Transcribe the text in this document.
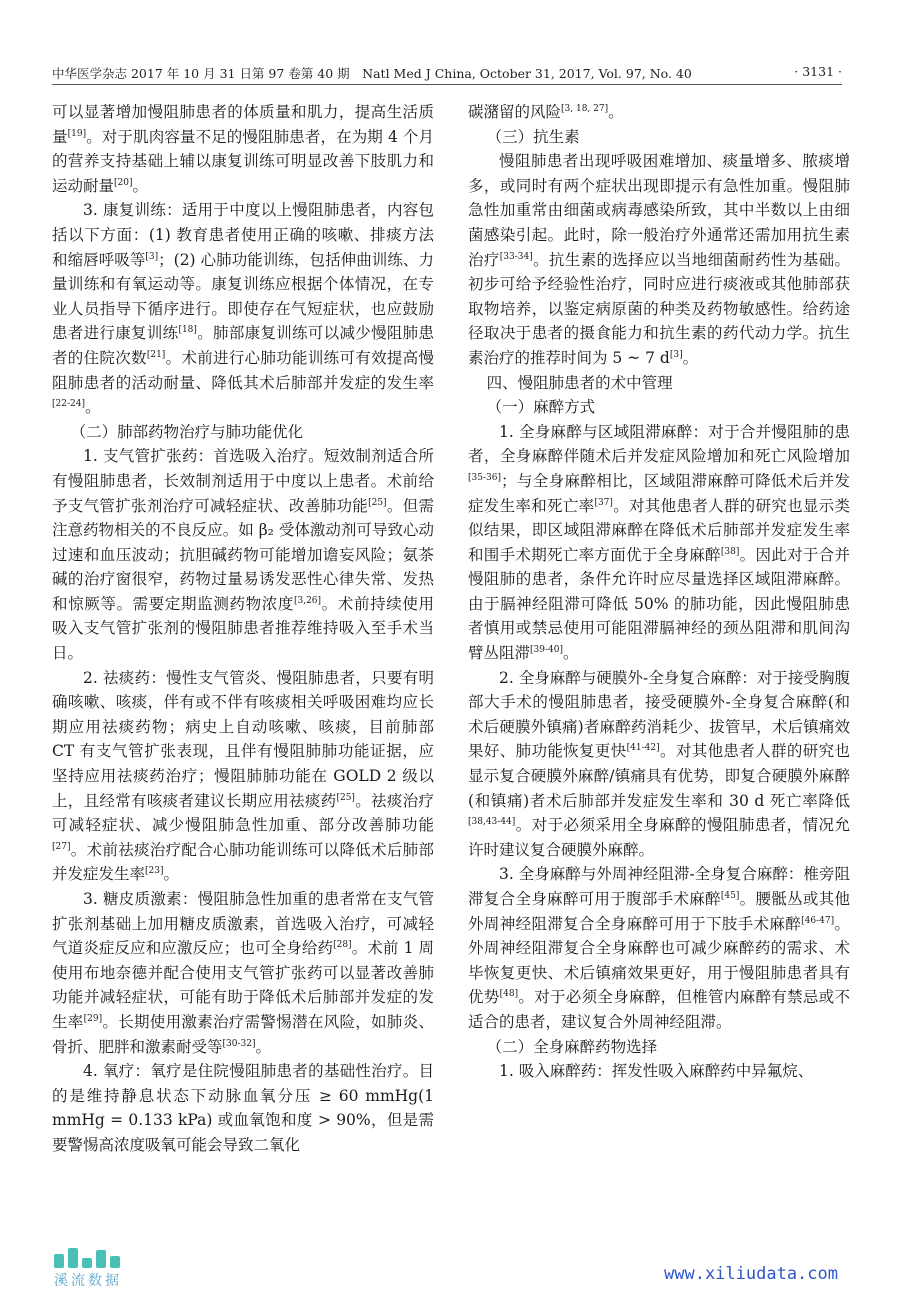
中华医学杂志 2017 年 10 月 31 日第 97 卷第 40 期　Natl Med J China, October 31, 2017, Vol. 97, No. 40	· 3131 ·

可以显著增加慢阻肺患者的体质量和肌力，提高生活质量[19]。对于肌肉容量不足的慢阻肺患者，在为期 4 个月的营养支持基础上辅以康复训练可明显改善下肢肌力和运动耐量[20]。

3. 康复训练：适用于中度以上慢阻肺患者，内容包括以下方面：(1) 教育患者使用正确的咳嗽、排痰方法和缩唇呼吸等[3]；(2) 心肺功能训练，包括伸曲训练、力量训练和有氧运动等。康复训练应根据个体情况，在专业人员指导下循序进行。即使存在气短症状，也应鼓励患者进行康复训练[18]。肺部康复训练可以减少慢阻肺患者的住院次数[21]。术前进行心肺功能训练可有效提高慢阻肺患者的活动耐量、降低其术后肺部并发症的发生率[22-24]。

（二）肺部药物治疗与肺功能优化

1. 支气管扩张药：首选吸入治疗。短效制剂适合所有慢阻肺患者，长效制剂适用于中度以上患者。术前给予支气管扩张剂治疗可减轻症状、改善肺功能[25]。但需注意药物相关的不良反应。如 β₂ 受体激动剂可导致心动过速和血压波动；抗胆碱药物可能增加谵妄风险；氨茶碱的治疗窗很窄，药物过量易诱发恶性心律失常、发热和惊厥等。需要定期监测药物浓度[3,26]。术前持续使用吸入支气管扩张剂的慢阻肺患者推荐维持吸入至手术当日。

2. 祛痰药：慢性支气管炎、慢阻肺患者，只要有明确咳嗽、咳痰，伴有或不伴有咳痰相关呼吸困难均应长期应用祛痰药物；病史上自动咳嗽、咳痰，目前肺部 CT 有支气管扩张表现，且伴有慢阻肺肺功能证据，应坚持应用祛痰药治疗；慢阻肺肺功能在 GOLD 2 级以上，且经常有咳痰者建议长期应用祛痰药[25]。祛痰治疗可减轻症状、减少慢阻肺急性加重、部分改善肺功能[27]。术前祛痰治疗配合心肺功能训练可以降低术后肺部并发症发生率[23]。

3. 糖皮质激素：慢阻肺急性加重的患者常在支气管扩张剂基础上加用糖皮质激素，首选吸入治疗，可减轻气道炎症反应和应激反应；也可全身给药[28]。术前 1 周使用布地奈德并配合使用支气管扩张药可以显著改善肺功能并减轻症状，可能有助于降低术后肺部并发症的发生率[29]。长期使用激素治疗需警惕潜在风险，如肺炎、骨折、肥胖和激素耐受等[30-32]。

4. 氧疗：氧疗是住院慢阻肺患者的基础性治疗。目的是维持静息状态下动脉血氧分压 ≥ 60 mmHg(1 mmHg = 0.133 kPa) 或血氧饱和度 > 90%，但是需要警惕高浓度吸氧可能会导致二氧化

碳潴留的风险[3, 18, 27]。

（三）抗生素

慢阻肺患者出现呼吸困难增加、痰量增多、脓痰增多，或同时有两个症状出现即提示有急性加重。慢阻肺急性加重常由细菌或病毒感染所致，其中半数以上由细菌感染引起。此时，除一般治疗外通常还需加用抗生素治疗[33-34]。抗生素的选择应以当地细菌耐药性为基础。初步可给予经验性治疗，同时应进行痰液或其他肺部获取物培养，以鉴定病原菌的种类及药物敏感性。给药途径取决于患者的摄食能力和抗生素的药代动力学。抗生素治疗的推荐时间为 5 ~ 7 d[3]。

四、慢阻肺患者的术中管理
（一）麻醉方式

1. 全身麻醉与区域阻滞麻醉：对于合并慢阻肺的患者，全身麻醉伴随术后并发症风险增加和死亡风险增加[35-36]；与全身麻醉相比，区域阻滞麻醉可降低术后并发症发生率和死亡率[37]。对其他患者人群的研究也显示类似结果，即区域阻滞麻醉在降低术后肺部并发症发生率和围手术期死亡率方面优于全身麻醉[38]。因此对于合并慢阻肺的患者，条件允许时应尽量选择区域阻滞麻醉。由于膈神经阻滞可降低 50% 的肺功能，因此慢阻肺患者慎用或禁忌使用可能阻滞膈神经的颈丛阻滞和肌间沟臂丛阻滞[39-40]。

2. 全身麻醉与硬膜外-全身复合麻醉：对于接受胸腹部大手术的慢阻肺患者，接受硬膜外-全身复合麻醉(和术后硬膜外镇痛)者麻醉药消耗少、拔管早，术后镇痛效果好、肺功能恢复更快[41-42]。对其他患者人群的研究也显示复合硬膜外麻醉/镇痛具有优势，即复合硬膜外麻醉(和镇痛)者术后肺部并发症发生率和 30 d 死亡率降低[38,43-44]。对于必须采用全身麻醉的慢阻肺患者，情况允许时建议复合硬膜外麻醉。

3. 全身麻醉与外周神经阻滞-全身复合麻醉：椎旁阻滞复合全身麻醉可用于腹部手术麻醉[45]。腰骶丛或其他外周神经阻滞复合全身麻醉可用于下肢手术麻醉[46-47]。外周神经阻滞复合全身麻醉也可减少麻醉药的需求、术毕恢复更快、术后镇痛效果更好，用于慢阻肺患者具有优势[48]。对于必须全身麻醉，但椎管内麻醉有禁忌或不适合的患者，建议复合外周神经阻滞。

（二）全身麻醉药物选择

1. 吸入麻醉药：挥发性吸入麻醉药中异氟烷、

溪流数据	www.xiliudata.com
